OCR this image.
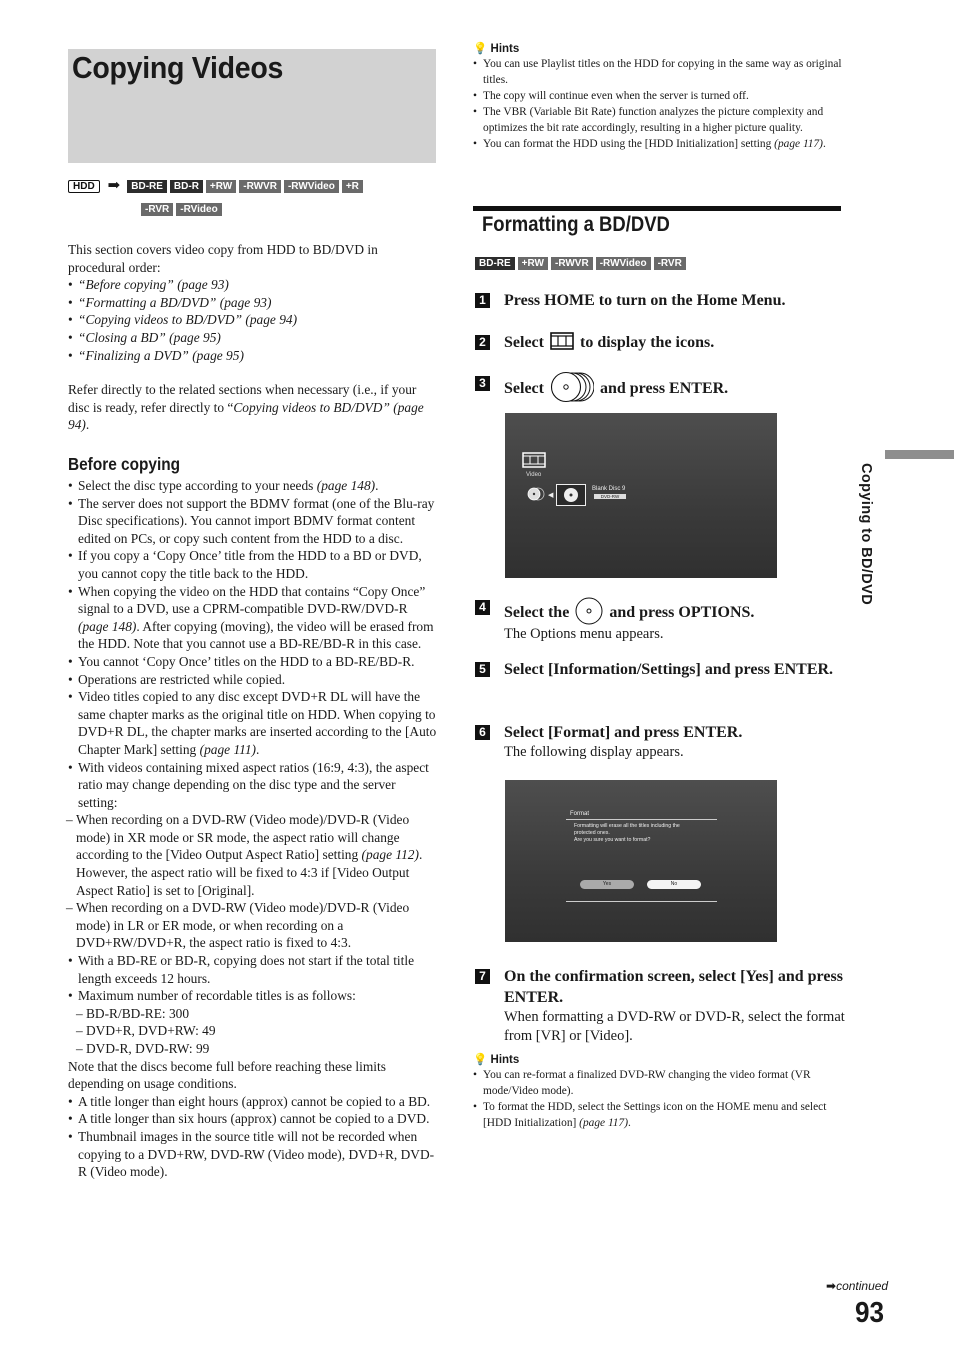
Copying Videos
HDD ➡ BD-RE BD-R +RW -RWVR -RWVideo +R
-RVR -RVideo

This section covers video copy from HDD to BD/DVD in procedural order:

• “Before copying” (page 93)
• “Formatting a BD/DVD” (page 93)
• “Copying videos to BD/DVD” (page 94)
• “Closing a BD” (page 95)
• “Finalizing a DVD” (page 95)

Refer directly to the related sections when necessary (i.e., if your disc is ready, refer directly to “Copying videos to BD/DVD” (page 94).

Before copying
• Select the disc type according to your needs (page 148).
• The server does not support the BDMV format (one of the Blu-ray Disc specifications). You cannot import BDMV format content edited on PCs, or copy such content from the HDD to a disc.
• If you copy a ‘Copy Once’ title from the HDD to a BD or DVD, you cannot copy the title back to the HDD.
• When copying the video on the HDD that contains “Copy Once” signal to a DVD, use a CPRM-compatible DVD-RW/DVD-R (page 148). After copying (moving), the video will be erased from the HDD. Note that you cannot use a BD-RE/BD-R in this case.
• You cannot ‘Copy Once’ titles on the HDD to a BD-RE/BD-R.
• Operations are restricted while copied.
• Video titles copied to any disc except DVD+R DL will have the same chapter marks as the original title on HDD. When copying to DVD+R DL, the chapter marks are inserted according to the [Auto Chapter Mark] setting (page 111).
• With videos containing mixed aspect ratios (16:9, 4:3), the aspect ratio may change depending on the disc type and the server setting:
– When recording on a DVD-RW (Video mode)/DVD-R (Video mode) in XR mode or SR mode, the aspect ratio will change according to the [Video Output Aspect Ratio] setting (page 112). However, the aspect ratio will be fixed to 4:3 if [Video Output Aspect Ratio] is set to [Original].
– When recording on a DVD-RW (Video mode)/DVD-R (Video mode) in LR or ER mode, or when recording on a DVD+RW/DVD+R, the aspect ratio is fixed to 4:3.
• With a BD-RE or BD-R, copying does not start if the total title length exceeds 12 hours.
• Maximum number of recordable titles is as follows:
– BD-R/BD-RE: 300
– DVD+R, DVD+RW: 49
– DVD-R, DVD-RW: 99

Note that the discs become full before reaching these limits depending on usage conditions.

• A title longer than eight hours (approx) cannot be copied to a BD.
• A title longer than six hours (approx) cannot be copied to a DVD.
• Thumbnail images in the source title will not be recorded when copying to a DVD+RW, DVD-RW (Video mode), DVD+R, DVD-R (Video mode).
💡 Hints
• You can use Playlist titles on the HDD for copying in the same way as original titles.
• The copy will continue even when the server is turned off.
• The VBR (Variable Bit Rate) function analyzes the picture complexity and optimizes the bit rate accordingly, resulting in a higher picture quality.
• You can format the HDD using the [HDD Initialization] setting (page 117).
Formatting a BD/DVD
BD-RE +RW -RWVR -RWVideo -RVR
1 Press HOME to turn on the Home Menu.
2 Select to display the icons.
3 Select	and press ENTER.
Video
◀
Blank Disc 9
DVD-RW
4 Select the	and press OPTIONS.
The Options menu appears.
5 Select [Information/Settings] and press ENTER.
6 Select [Format] and press ENTER.
The following display appears.
Format
Formatting will erase all the titles including the
protected ones.
Are you sure you want to format?
Yes	No
7 On the confirmation screen, select [Yes] and press ENTER.
When formatting a DVD-RW or DVD-R, select the format from [VR] or [Video].
💡 Hints
• You can re-format a finalized DVD-RW changing the video format (VR mode/Video mode).
• To format the HDD, select the Settings icon on the HOME menu and select [HDD Initialization] (page 117).
Copying to BD/DVD
➡continued
93
